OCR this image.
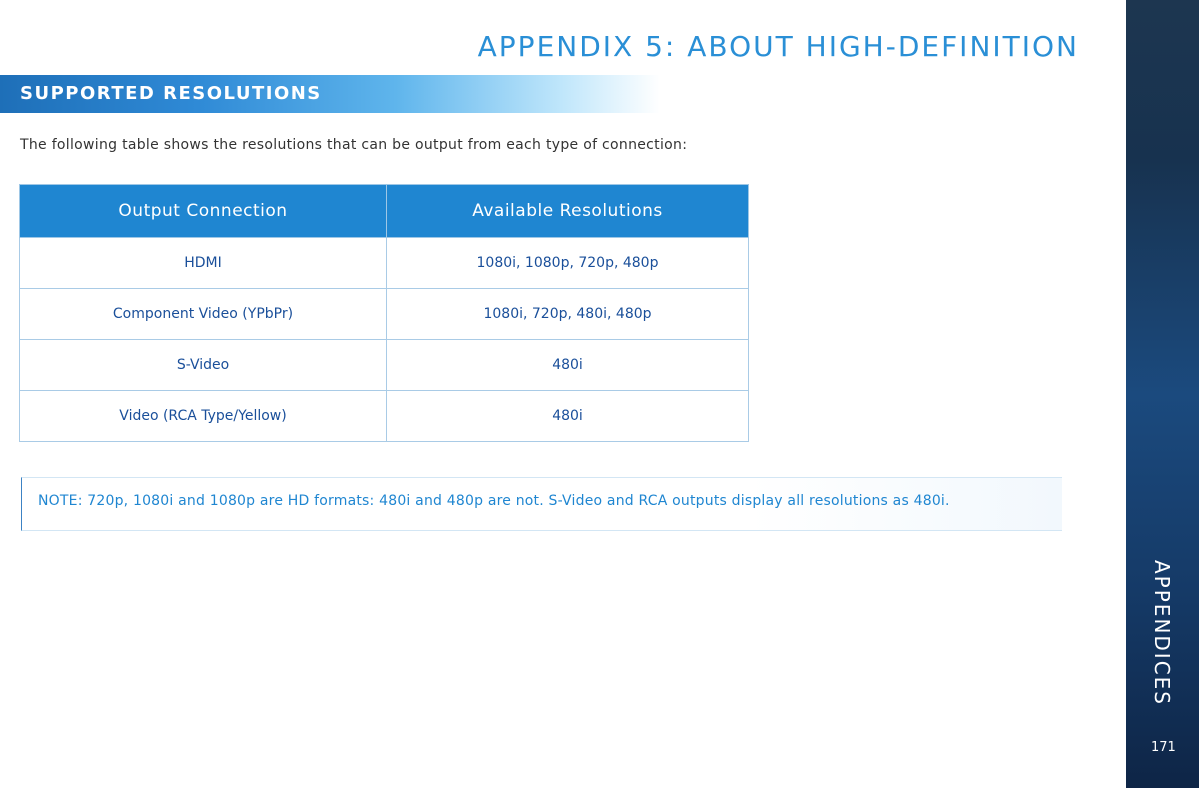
APPENDIX 5: ABOUT HIGH-DEFINITION
SUPPORTED RESOLUTIONS
The following table shows the resolutions that can be output from each type of connection:
Output Connection	Available Resolutions
HDMI	1080i, 1080p, 720p, 480p
Component Video (YPbPr)	1080i, 720p, 480i, 480p
S-Video	480i
Video (RCA Type/Yellow)	480i
NOTE: 720p, 1080i and 1080p are HD formats: 480i and 480p are not. S-Video and RCA outputs display all resolutions as 480i.
APPENDICES
171
